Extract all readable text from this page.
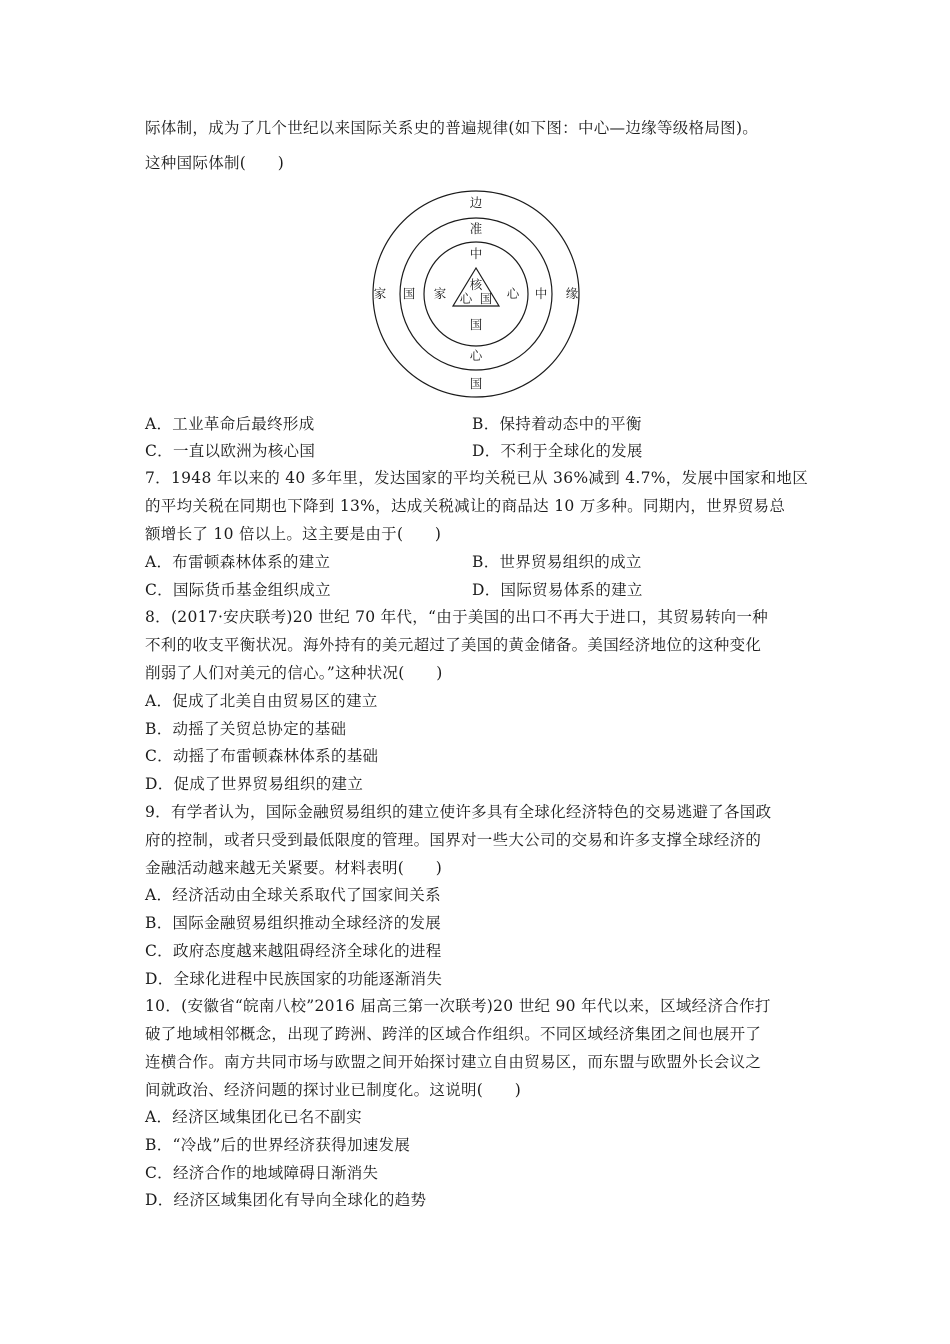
际体制，成为了几个世纪以来国际关系史的普遍规律(如下图：中心—边缘等级格局图)。
这种国际体制(　　)
边
国
家	缘
准
心
国	中
中
国
家	心
核
心 国
A．工业革命后最终形成	B．保持着动态中的平衡
C．一直以欧洲为核心国	D．不利于全球化的发展
7．1948 年以来的 40 多年里，发达国家的平均关税已从 36%减到 4.7%，发展中国家和地区
的平均关税在同期也下降到 13%，达成关税减让的商品达 10 万多种。同期内，世界贸易总
额增长了 10 倍以上。这主要是由于(　　)
A．布雷顿森林体系的建立	B．世界贸易组织的成立
C．国际货币基金组织成立	D．国际贸易体系的建立
8．(2017·安庆联考)20 世纪 70 年代，“由于美国的出口不再大于进口，其贸易转向一种
不利的收支平衡状况。海外持有的美元超过了美国的黄金储备。美国经济地位的这种变化
削弱了人们对美元的信心。”这种状况(　　)
A．促成了北美自由贸易区的建立
B．动摇了关贸总协定的基础
C．动摇了布雷顿森林体系的基础
D．促成了世界贸易组织的建立
9．有学者认为，国际金融贸易组织的建立使许多具有全球化经济特色的交易逃避了各国政
府的控制，或者只受到最低限度的管理。国界对一些大公司的交易和许多支撑全球经济的
金融活动越来越无关紧要。材料表明(　　)
A．经济活动由全球关系取代了国家间关系
B．国际金融贸易组织推动全球经济的发展
C．政府态度越来越阻碍经济全球化的进程
D．全球化进程中民族国家的功能逐渐消失
10．(安徽省“皖南八校”2016 届高三第一次联考)20 世纪 90 年代以来，区域经济合作打
破了地域相邻概念，出现了跨洲、跨洋的区域合作组织。不同区域经济集团之间也展开了
连横合作。南方共同市场与欧盟之间开始探讨建立自由贸易区，而东盟与欧盟外长会议之
间就政治、经济问题的探讨业已制度化。这说明(　　)
A．经济区域集团化已名不副实
B．“冷战”后的世界经济获得加速发展
C．经济合作的地域障碍日渐消失
D．经济区域集团化有导向全球化的趋势
